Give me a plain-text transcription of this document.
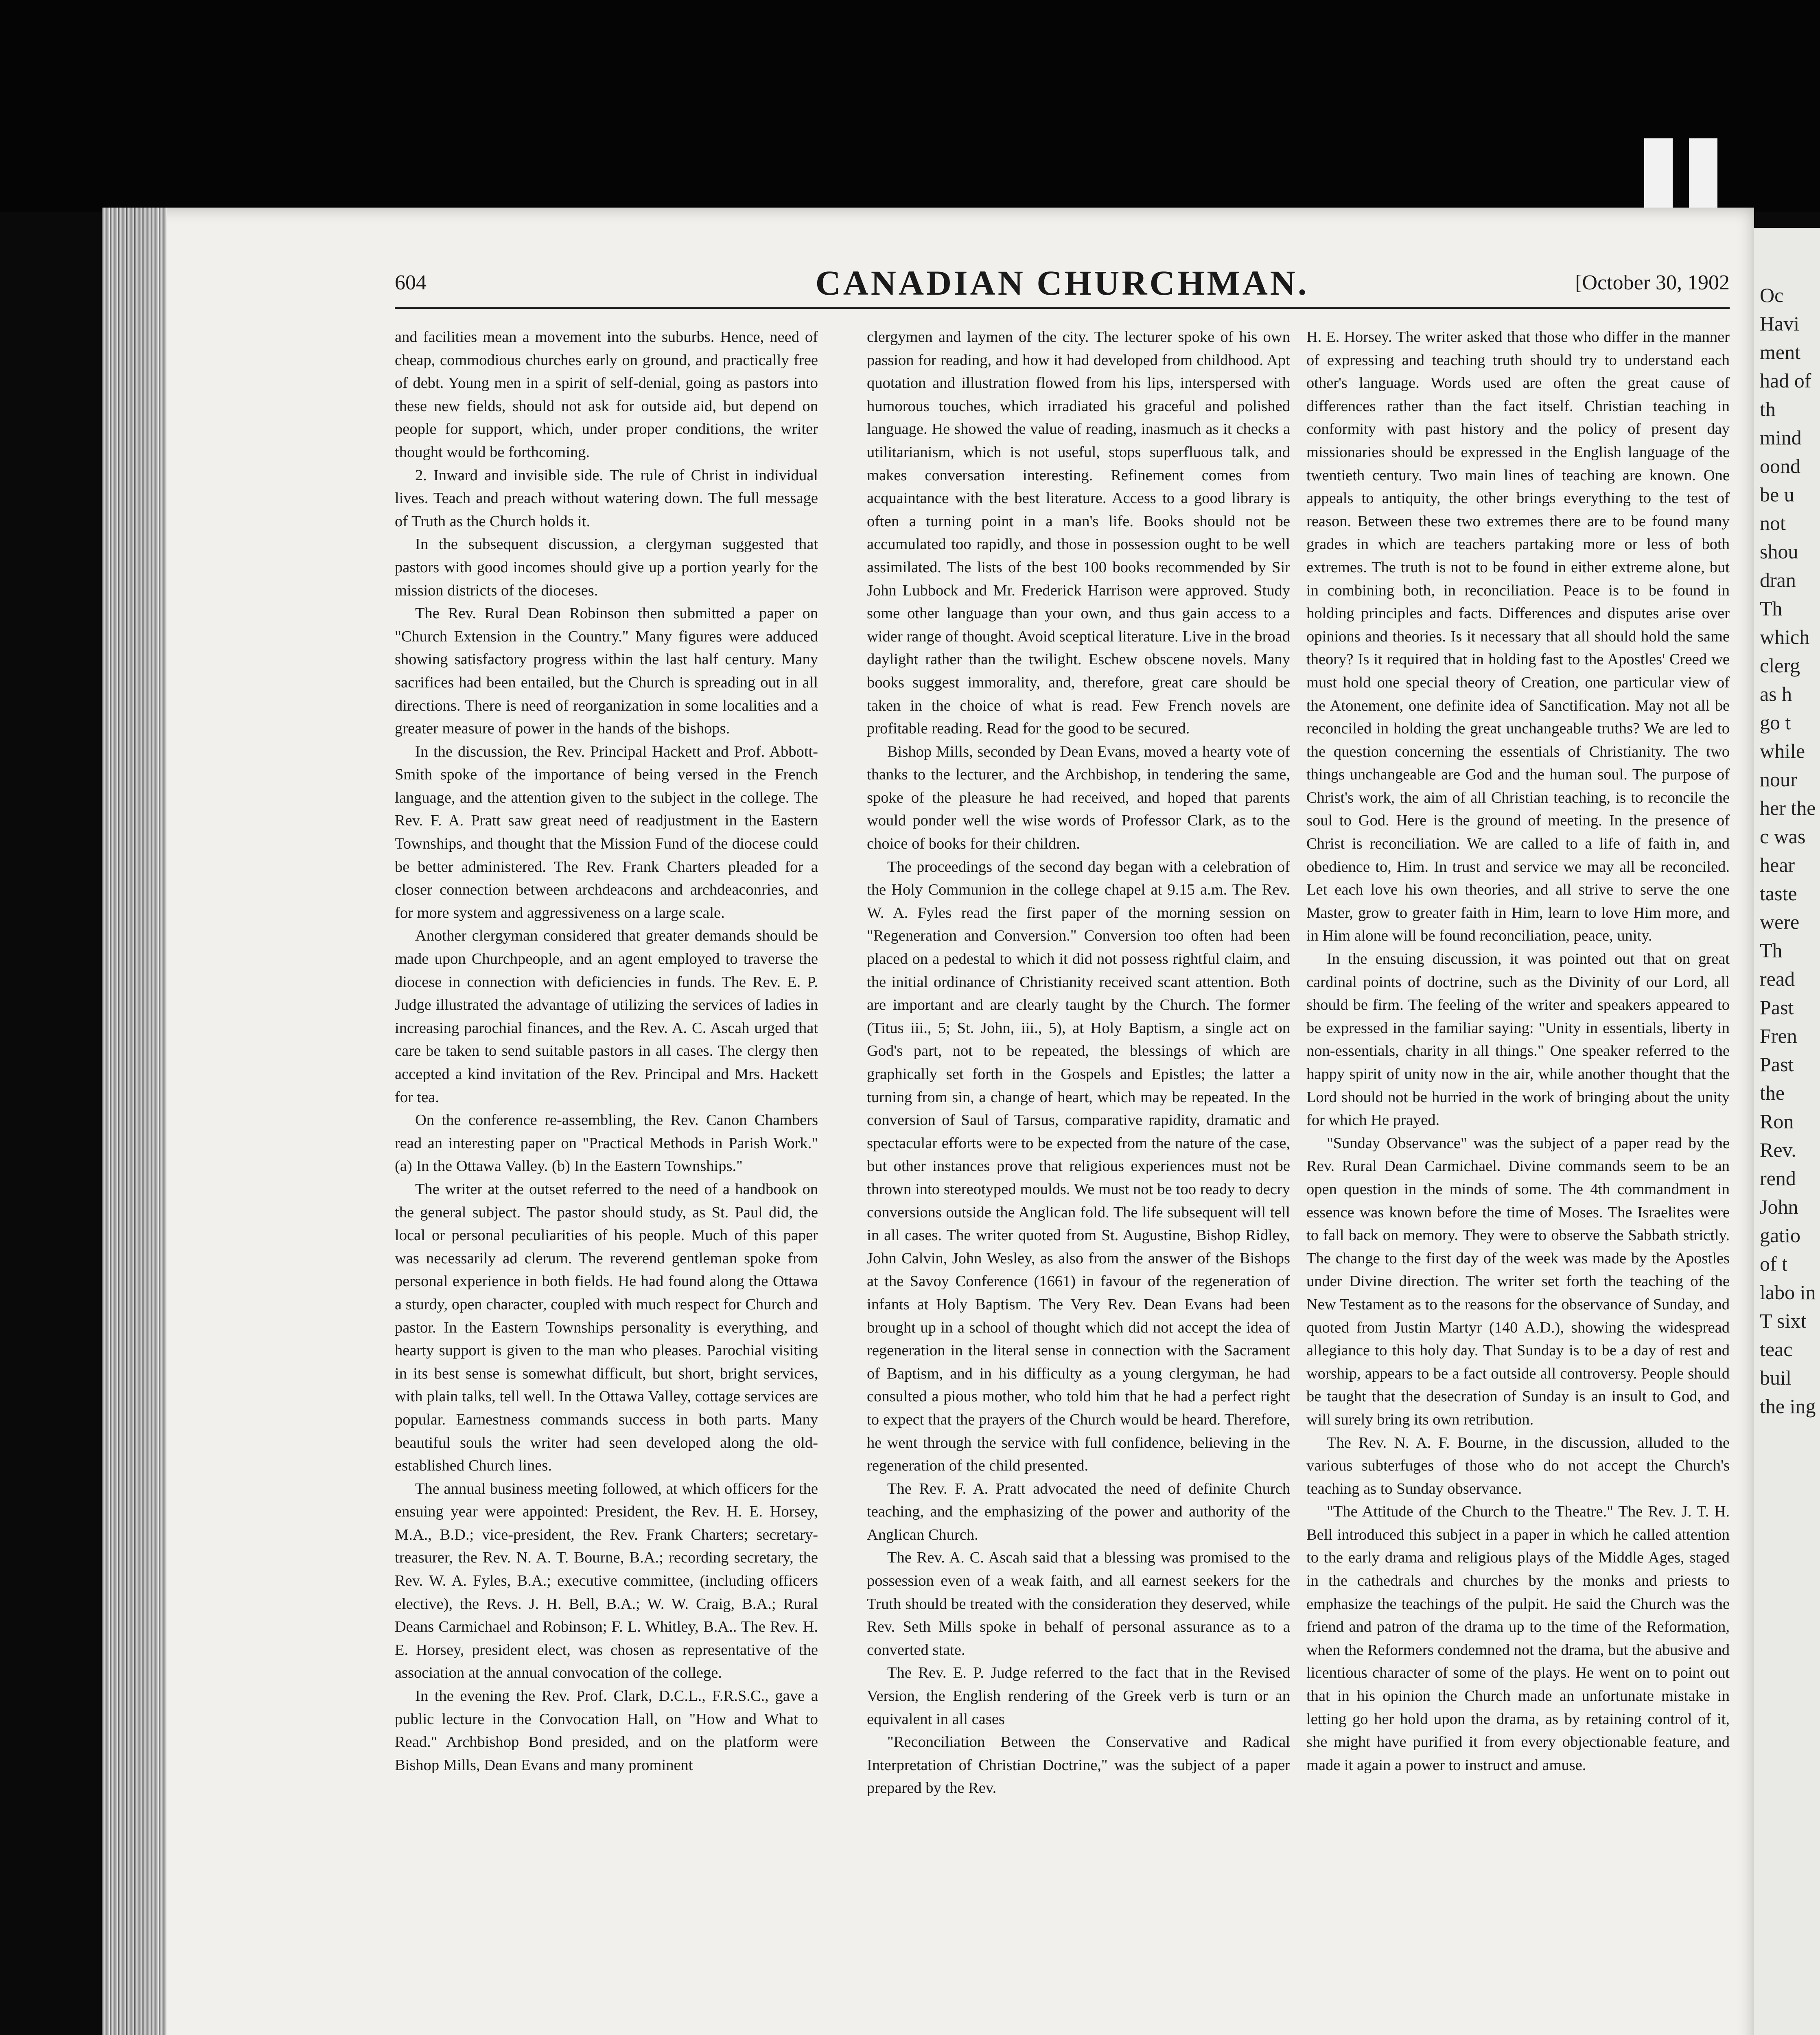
Oc Havi ment had of th mind oond be u not shou dran Th which clerg as h go t while nour her the c was hear taste were Th read Past Fren Past the Ron Rev. rend John gatio of t labo in T sixt teac buil the ing
604	CANADIAN CHURCHMAN.	[October 30, 1902

and facilities mean a movement into the suburbs. Hence, need of cheap, commodious churches early on ground, and practically free of debt. Young men in a spirit of self-denial, going as pastors into these new fields, should not ask for outside aid, but depend on people for support, which, under proper conditions, the writer thought would be forthcoming.

2. Inward and invisible side. The rule of Christ in individual lives. Teach and preach without watering down. The full message of Truth as the Church holds it.

In the subsequent discussion, a clergyman suggested that pastors with good incomes should give up a portion yearly for the mission districts of the dioceses.

The Rev. Rural Dean Robinson then submitted a paper on "Church Extension in the Country." Many figures were adduced showing satisfactory progress within the last half century. Many sacrifices had been entailed, but the Church is spreading out in all directions. There is need of reorganization in some localities and a greater measure of power in the hands of the bishops.

In the discussion, the Rev. Principal Hackett and Prof. Abbott-Smith spoke of the importance of being versed in the French language, and the attention given to the subject in the college. The Rev. F. A. Pratt saw great need of readjustment in the Eastern Townships, and thought that the Mission Fund of the diocese could be better administered. The Rev. Frank Charters pleaded for a closer connection between archdeacons and archdeaconries, and for more system and aggressiveness on a large scale.

Another clergyman considered that greater demands should be made upon Churchpeople, and an agent employed to traverse the diocese in connection with deficiencies in funds. The Rev. E. P. Judge illustrated the advantage of utilizing the services of ladies in increasing parochial finances, and the Rev. A. C. Ascah urged that care be taken to send suitable pastors in all cases. The clergy then accepted a kind invitation of the Rev. Principal and Mrs. Hackett for tea.

On the conference re-assembling, the Rev. Canon Chambers read an interesting paper on "Practical Methods in Parish Work." (a) In the Ottawa Valley. (b) In the Eastern Townships."

The writer at the outset referred to the need of a handbook on the general subject. The pastor should study, as St. Paul did, the local or personal peculiarities of his people. Much of this paper was necessarily ad clerum. The reverend gentleman spoke from personal experience in both fields. He had found along the Ottawa a sturdy, open character, coupled with much respect for Church and pastor. In the Eastern Townships personality is everything, and hearty support is given to the man who pleases. Parochial visiting in its best sense is somewhat difficult, but short, bright services, with plain talks, tell well. In the Ottawa Valley, cottage services are popular. Earnestness commands success in both parts. Many beautiful souls the writer had seen developed along the old-established Church lines.

The annual business meeting followed, at which officers for the ensuing year were appointed: President, the Rev. H. E. Horsey, M.A., B.D.; vice-president, the Rev. Frank Charters; secretary-treasurer, the Rev. N. A. T. Bourne, B.A.; recording secretary, the Rev. W. A. Fyles, B.A.; executive committee, (including officers elective), the Revs. J. H. Bell, B.A.; W. W. Craig, B.A.; Rural Deans Carmichael and Robinson; F. L. Whitley, B.A.. The Rev. H. E. Horsey, president elect, was chosen as representative of the association at the annual convocation of the college.

In the evening the Rev. Prof. Clark, D.C.L., F.R.S.C., gave a public lecture in the Convocation Hall, on "How and What to Read." Archbishop Bond presided, and on the platform were Bishop Mills, Dean Evans and many prominent

clergymen and laymen of the city. The lecturer spoke of his own passion for reading, and how it had developed from childhood. Apt quotation and illustration flowed from his lips, interspersed with humorous touches, which irradiated his graceful and polished language. He showed the value of reading, inasmuch as it checks a utilitarianism, which is not useful, stops superfluous talk, and makes conversation interesting. Refinement comes from acquaintance with the best literature. Access to a good library is often a turning point in a man's life. Books should not be accumulated too rapidly, and those in possession ought to be well assimilated. The lists of the best 100 books recommended by Sir John Lubbock and Mr. Frederick Harrison were approved. Study some other language than your own, and thus gain access to a wider range of thought. Avoid sceptical literature. Live in the broad daylight rather than the twilight. Eschew obscene novels. Many books suggest immorality, and, therefore, great care should be taken in the choice of what is read. Few French novels are profitable reading. Read for the good to be secured.

Bishop Mills, seconded by Dean Evans, moved a hearty vote of thanks to the lecturer, and the Archbishop, in tendering the same, spoke of the pleasure he had received, and hoped that parents would ponder well the wise words of Professor Clark, as to the choice of books for their children.

The proceedings of the second day began with a celebration of the Holy Communion in the college chapel at 9.15 a.m. The Rev. W. A. Fyles read the first paper of the morning session on "Regeneration and Conversion." Conversion too often had been placed on a pedestal to which it did not possess rightful claim, and the initial ordinance of Christianity received scant attention. Both are important and are clearly taught by the Church. The former (Titus iii., 5; St. John, iii., 5), at Holy Baptism, a single act on God's part, not to be repeated, the blessings of which are graphically set forth in the Gospels and Epistles; the latter a turning from sin, a change of heart, which may be repeated. In the conversion of Saul of Tarsus, comparative rapidity, dramatic and spectacular efforts were to be expected from the nature of the case, but other instances prove that religious experiences must not be thrown into stereotyped moulds. We must not be too ready to decry conversions outside the Anglican fold. The life subsequent will tell in all cases. The writer quoted from St. Augustine, Bishop Ridley, John Calvin, John Wesley, as also from the answer of the Bishops at the Savoy Conference (1661) in favour of the regeneration of infants at Holy Baptism. The Very Rev. Dean Evans had been brought up in a school of thought which did not accept the idea of regeneration in the literal sense in connection with the Sacrament of Baptism, and in his difficulty as a young clergyman, he had consulted a pious mother, who told him that he had a perfect right to expect that the prayers of the Church would be heard. Therefore, he went through the service with full confidence, believing in the regeneration of the child presented.

The Rev. F. A. Pratt advocated the need of definite Church teaching, and the emphasizing of the power and authority of the Anglican Church.

The Rev. A. C. Ascah said that a blessing was promised to the possession even of a weak faith, and all earnest seekers for the Truth should be treated with the consideration they deserved, while Rev. Seth Mills spoke in behalf of personal assurance as to a converted state.

The Rev. E. P. Judge referred to the fact that in the Revised Version, the English rendering of the Greek verb is turn or an equivalent in all cases

"Reconciliation Between the Conservative and Radical Interpretation of Christian Doctrine," was the subject of a paper prepared by the Rev.

H. E. Horsey. The writer asked that those who differ in the manner of expressing and teaching truth should try to understand each other's language. Words used are often the great cause of differences rather than the fact itself. Christian teaching in conformity with past history and the policy of present day missionaries should be expressed in the English language of the twentieth century. Two main lines of teaching are known. One appeals to antiquity, the other brings everything to the test of reason. Between these two extremes there are to be found many grades in which are teachers partaking more or less of both extremes. The truth is not to be found in either extreme alone, but in combining both, in reconciliation. Peace is to be found in holding principles and facts. Differences and disputes arise over opinions and theories. Is it necessary that all should hold the same theory? Is it required that in holding fast to the Apostles' Creed we must hold one special theory of Creation, one particular view of the Atonement, one definite idea of Sanctification. May not all be reconciled in holding the great unchangeable truths? We are led to the question concerning the essentials of Christianity. The two things unchangeable are God and the human soul. The purpose of Christ's work, the aim of all Christian teaching, is to reconcile the soul to God. Here is the ground of meeting. In the presence of Christ is reconciliation. We are called to a life of faith in, and obedience to, Him. In trust and service we may all be reconciled. Let each love his own theories, and all strive to serve the one Master, grow to greater faith in Him, learn to love Him more, and in Him alone will be found reconciliation, peace, unity.

In the ensuing discussion, it was pointed out that on great cardinal points of doctrine, such as the Divinity of our Lord, all should be firm. The feeling of the writer and speakers appeared to be expressed in the familiar saying: "Unity in essentials, liberty in non-essentials, charity in all things." One speaker referred to the happy spirit of unity now in the air, while another thought that the Lord should not be hurried in the work of bringing about the unity for which He prayed.

"Sunday Observance" was the subject of a paper read by the Rev. Rural Dean Carmichael. Divine commands seem to be an open question in the minds of some. The 4th commandment in essence was known before the time of Moses. The Israelites were to fall back on memory. They were to observe the Sabbath strictly. The change to the first day of the week was made by the Apostles under Divine direction. The writer set forth the teaching of the New Testament as to the reasons for the observance of Sunday, and quoted from Justin Martyr (140 A.D.), showing the widespread allegiance to this holy day. That Sunday is to be a day of rest and worship, appears to be a fact outside all controversy. People should be taught that the desecration of Sunday is an insult to God, and will surely bring its own retribution.

The Rev. N. A. F. Bourne, in the discussion, alluded to the various subterfuges of those who do not accept the Church's teaching as to Sunday observance.

"The Attitude of the Church to the Theatre." The Rev. J. T. H. Bell introduced this subject in a paper in which he called attention to the early drama and religious plays of the Middle Ages, staged in the cathedrals and churches by the monks and priests to emphasize the teachings of the pulpit. He said the Church was the friend and patron of the drama up to the time of the Reformation, when the Reformers condemned not the drama, but the abusive and licentious character of some of the plays. He went on to point out that in his opinion the Church made an unfortunate mistake in letting go her hold upon the drama, as by retaining control of it, she might have purified it from every objectionable feature, and made it again a power to instruct and amuse.
